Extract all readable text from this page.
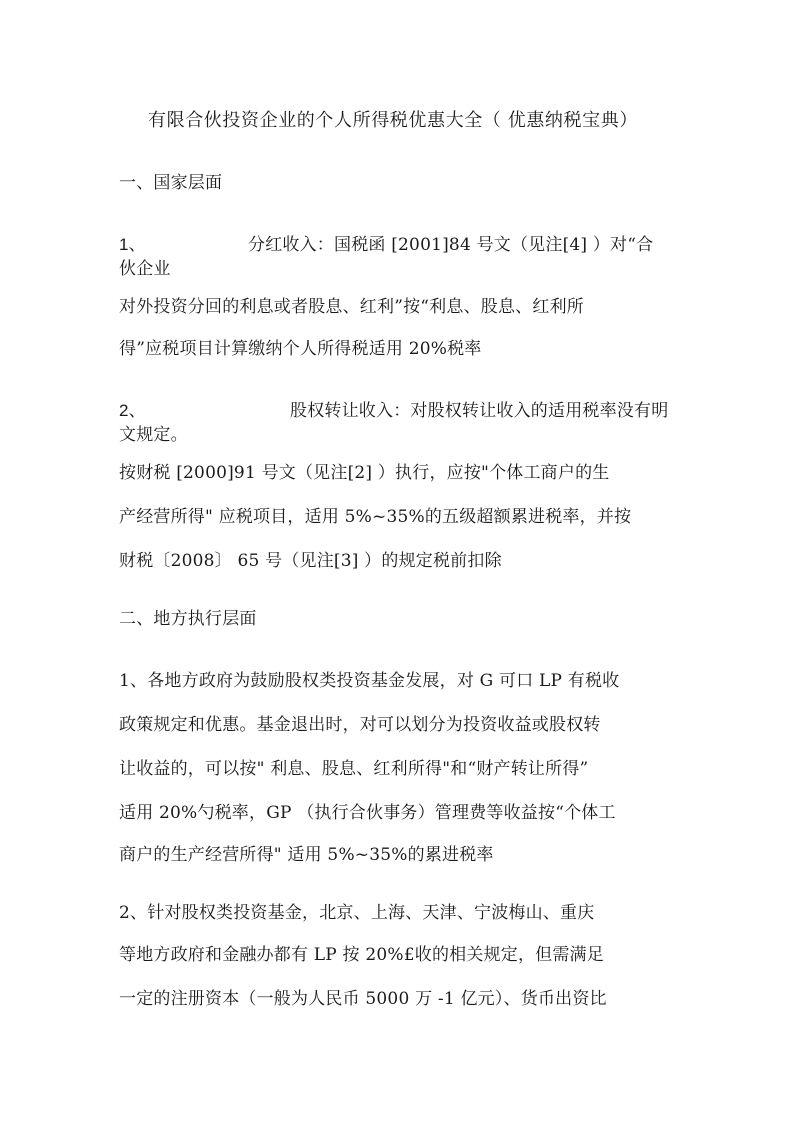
有限合伙投资企业的个人所得税优惠大全（ 优惠纳税宝典）
一、国家层面
1、	分红收入：国税函 [2001]84 号文（见注[4] ）对“合
伙企业
对外投资分回的利息或者股息、红利”按“利息、股息、红利所
得”应税项目计算缴纳个人所得税适用 20%税率
2、	股权转让收入：对股权转让收入的适用税率没有明
文规定。
按财税 [2000]91 号文（见注[2] ）执行，应按"个体工商户的生
产经营所得" 应税项目，适用 5%~35%的五级超额累进税率，并按
财税〔2008〕 65 号（见注[3] ）的规定税前扣除
二、地方执行层面
1、各地方政府为鼓励股权类投资基金发展，对 G 可口 LP 有税收
政策规定和优惠。基金退出时，对可以划分为投资收益或股权转
让收益的，可以按" 利息、股息、红利所得"和“财产转让所得”
适用 20%勺税率，GP （执行合伙事务）管理费等收益按“个体工
商户的生产经营所得" 适用 5%~35%的累进税率
2、针对股权类投资基金，北京、上海、天津、宁波梅山、重庆
等地方政府和金融办都有 LP 按 20%£收的相关规定，但需满足
一定的注册资本（一般为人民币 5000 万 -1 亿元）、货币出资比
